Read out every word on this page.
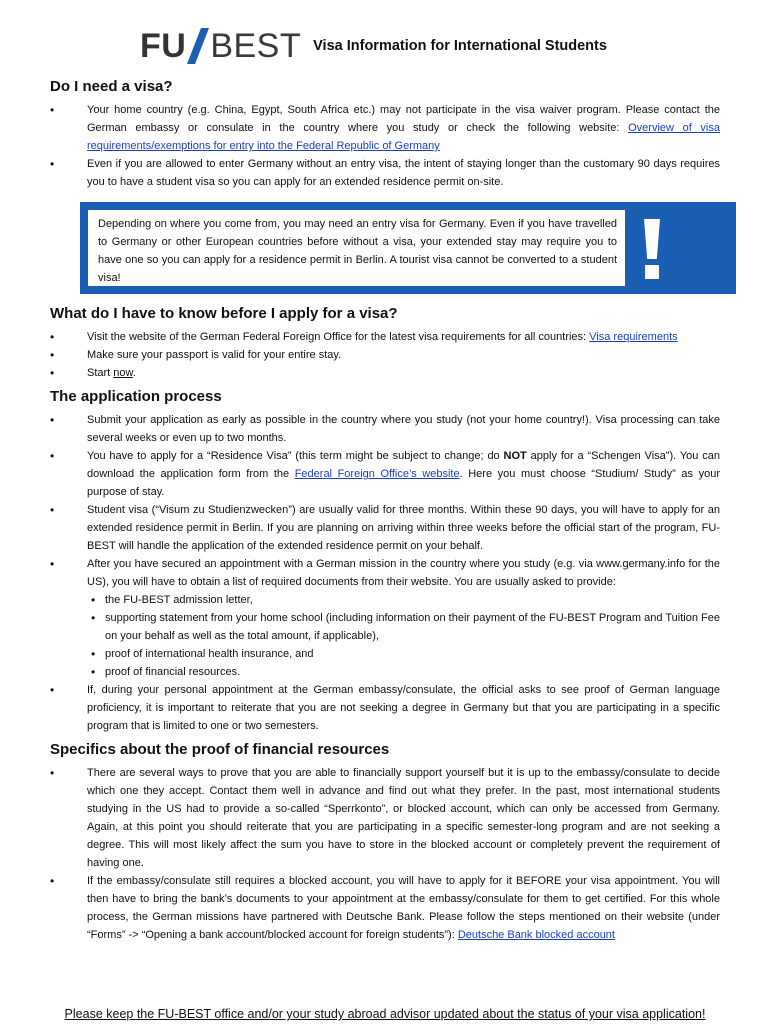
FU BEST Visa Information for International Students
Do I need a visa?
• Your home country (e.g. China, Egypt, South Africa etc.) may not participate in the visa waiver program. Please contact the German embassy or consulate in the country where you study or check the following website: Overview of visa requirements/exemptions for entry into the Federal Republic of Germany
• Even if you are allowed to enter Germany without an entry visa, the intent of staying longer than the customary 90 days requires you to have a student visa so you can apply for an extended residence permit on-site.
Depending on where you come from, you may need an entry visa for Germany. Even if you have travelled to Germany or other European countries before without a visa, your extended stay may require you to have one so you can apply for a residence permit in Berlin. A tourist visa cannot be converted to a student visa!
What do I have to know before I apply for a visa?
• Visit the website of the German Federal Foreign Office for the latest visa requirements for all countries: Visa requirements
• Make sure your passport is valid for your entire stay.
• Start now.
The application process
• Submit your application as early as possible in the country where you study (not your home country!). Visa processing can take several weeks or even up to two months.
• You have to apply for a “Residence Visa” (this term might be subject to change; do NOT apply for a “Schengen Visa”). You can download the application form from the Federal Foreign Office’s website. Here you must choose “Studium/ Study” as your purpose of stay.
• Student visa (“Visum zu Studienzwecken”) are usually valid for three months. Within these 90 days, you will have to apply for an extended residence permit in Berlin. If you are planning on arriving within three weeks before the official start of the program, FU-BEST will handle the application of the extended residence permit on your behalf.
• After you have secured an appointment with a German mission in the country where you study (e.g. via www.germany.info for the US), you will have to obtain a list of required documents from their website. You are usually asked to provide:
• the FU-BEST admission letter,
• supporting statement from your home school (including information on their payment of the FU-BEST Program and Tuition Fee on your behalf as well as the total amount, if applicable),
• proof of international health insurance, and
• proof of financial resources.
• If, during your personal appointment at the German embassy/consulate, the official asks to see proof of German language proficiency, it is important to reiterate that you are not seeking a degree in Germany but that you are participating in a specific program that is limited to one or two semesters.
Specifics about the proof of financial resources
• There are several ways to prove that you are able to financially support yourself but it is up to the embassy/consulate to decide which one they accept. Contact them well in advance and find out what they prefer. In the past, most international students studying in the US had to provide a so-called “Sperrkonto”, or blocked account, which can only be accessed from Germany. Again, at this point you should reiterate that you are participating in a specific semester-long program and are not seeking a degree. This will most likely affect the sum you have to store in the blocked account or completely prevent the requirement of having one.
• If the embassy/consulate still requires a blocked account, you will have to apply for it BEFORE your visa appointment. You will then have to bring the bank’s documents to your appointment at the embassy/consulate for them to get certified. For this whole process, the German missions have partnered with Deutsche Bank. Please follow the steps mentioned on their website (under “Forms” -> “Opening a bank account/blocked account for foreign students”): Deutsche Bank blocked account
Please keep the FU-BEST office and/or your study abroad advisor updated about the status of your visa application!
